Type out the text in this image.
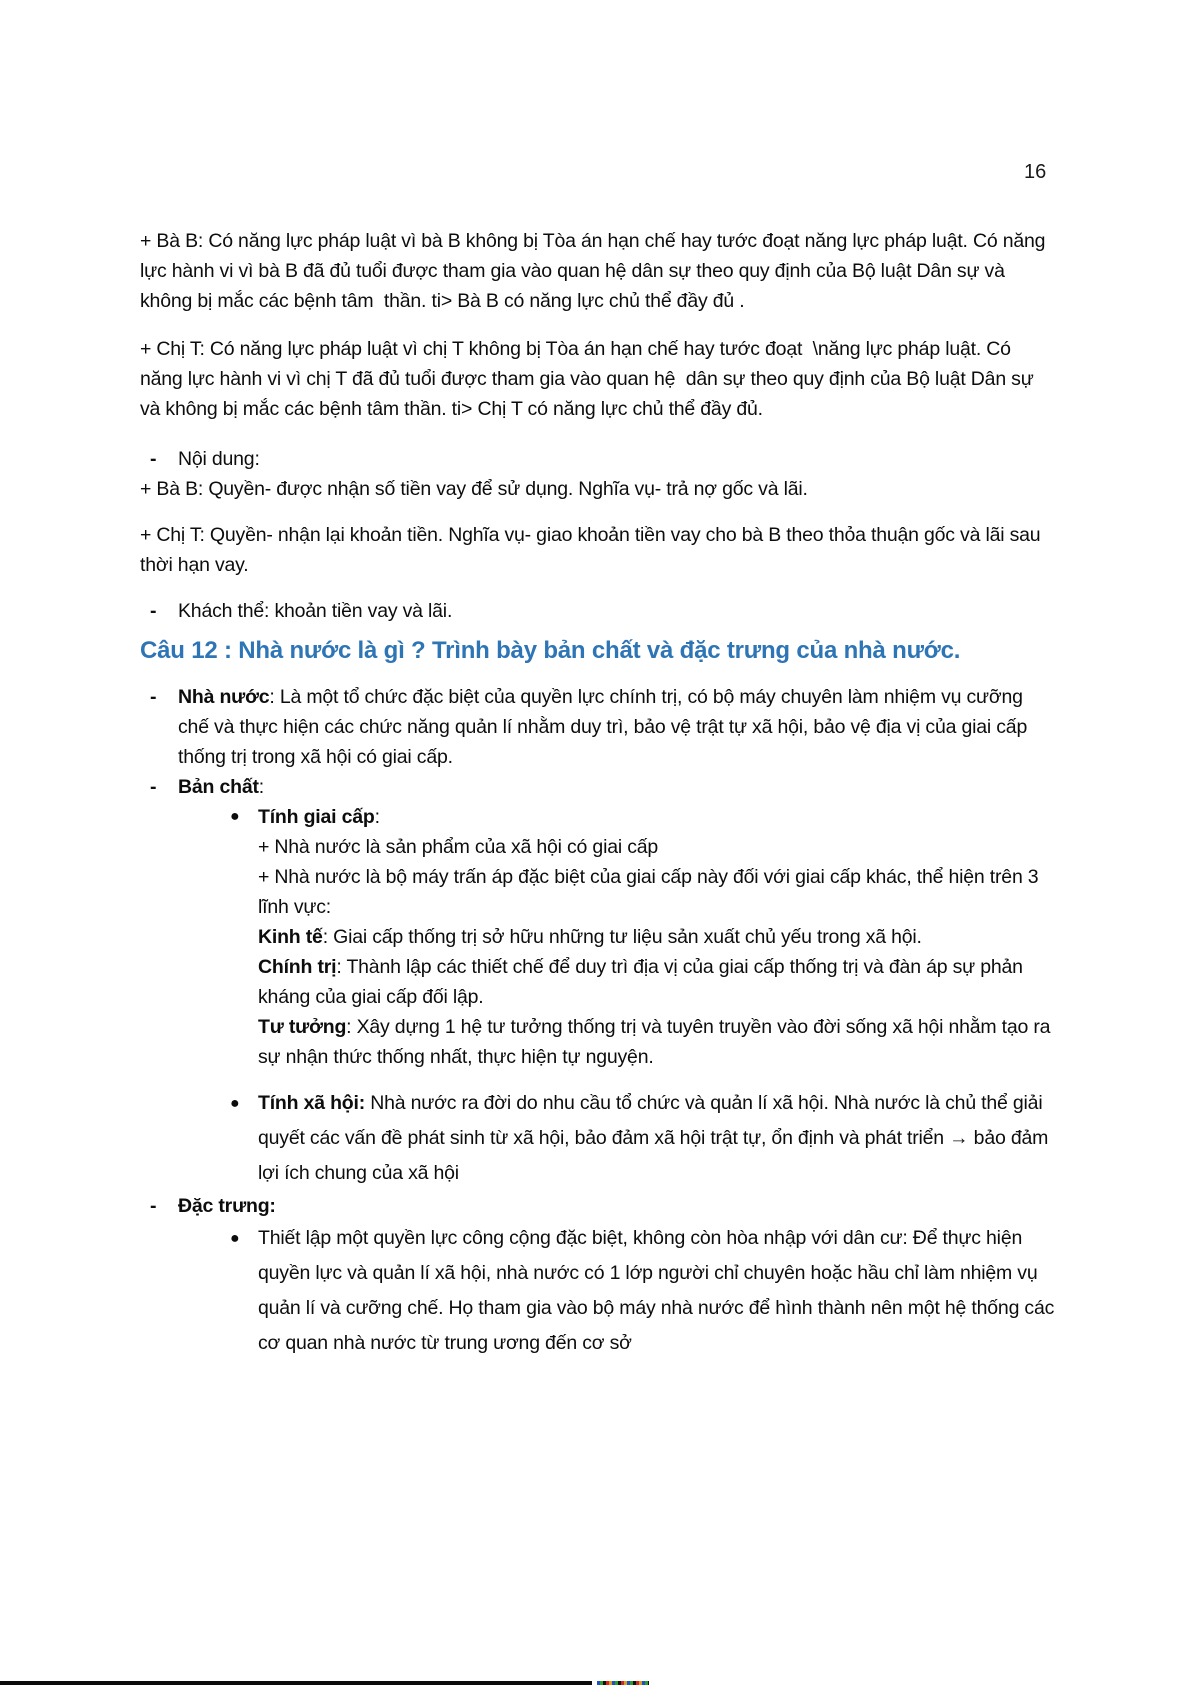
16

+ Bà B: Có năng lực pháp luật vì bà B không bị Tòa án hạn chế hay tước đoạt năng lực pháp luật. Có năng lực hành vi vì bà B đã đủ tuổi được tham gia vào quan hệ dân sự theo quy định của Bộ luật Dân sự và không bị mắc các bệnh tâm  thần. ti> Bà B có năng lực chủ thể đầy đủ .

+ Chị T: Có năng lực pháp luật vì chị T không bị Tòa án hạn chế hay tước đoạt  \năng lực pháp luật. Có năng lực hành vi vì chị T đã đủ tuổi được tham gia vào quan hệ  dân sự theo quy định của Bộ luật Dân sự và không bị mắc các bệnh tâm thần. ti> Chị T có năng lực chủ thể đầy đủ.

-	Nội dung:

+ Bà B: Quyền- được nhận số tiền vay để sử dụng. Nghĩa vụ- trả nợ gốc và lãi.

+ Chị T: Quyền- nhận lại khoản tiền. Nghĩa vụ- giao khoản tiền vay cho bà B theo thỏa thuận gốc và lãi sau thời hạn vay.

-	Khách thể: khoản tiền vay và lãi.
Câu 12 : Nhà nước là gì ? Trình bày bản chất và đặc trưng của nhà nước.
-	Nhà nước: Là một tổ chức đặc biệt của quyền lực chính trị, có bộ máy chuyên làm nhiệm vụ cưỡng chế và thực hiện các chức năng quản lí nhằm duy trì, bảo vệ trật tự xã hội, bảo vệ địa vị của giai cấp thống trị trong xã hội có giai cấp.
-	Bản chất:
● Tính giai cấp:

+ Nhà nước là sản phẩm của xã hội có giai cấp

+ Nhà nước là bộ máy trấn áp đặc biệt của giai cấp này đối với giai cấp khác, thể hiện trên 3 lĩnh vực:

Kinh tế: Giai cấp thống trị sở hữu những tư liệu sản xuất chủ yếu trong xã hội.

Chính trị: Thành lập các thiết chế để duy trì địa vị của giai cấp thống trị và đàn áp sự phản kháng của giai cấp đối lập.

Tư tưởng: Xây dựng 1 hệ tư tưởng thống trị và tuyên truyền vào đời sống xã hội nhằm tạo ra sự nhận thức thống nhất, thực hiện tự nguyện.

● Tính xã hội: Nhà nước ra đời do nhu cầu tổ chức và quản lí xã hội. Nhà nước là chủ thể giải quyết các vấn đề phát sinh từ xã hội, bảo đảm xã hội trật tự, ổn định và phát triển → bảo đảm lợi ích chung của xã hội
-	Đặc trưng:
● Thiết lập một quyền lực công cộng đặc biệt, không còn hòa nhập với dân cư: Để thực hiện quyền lực và quản lí xã hội, nhà nước có 1 lớp người chỉ chuyên hoặc hầu chỉ làm nhiệm vụ quản lí và cưỡng chế. Họ tham gia vào bộ máy nhà nước để hình thành nên một hệ thống các cơ quan nhà nước từ trung ương đến cơ sở
